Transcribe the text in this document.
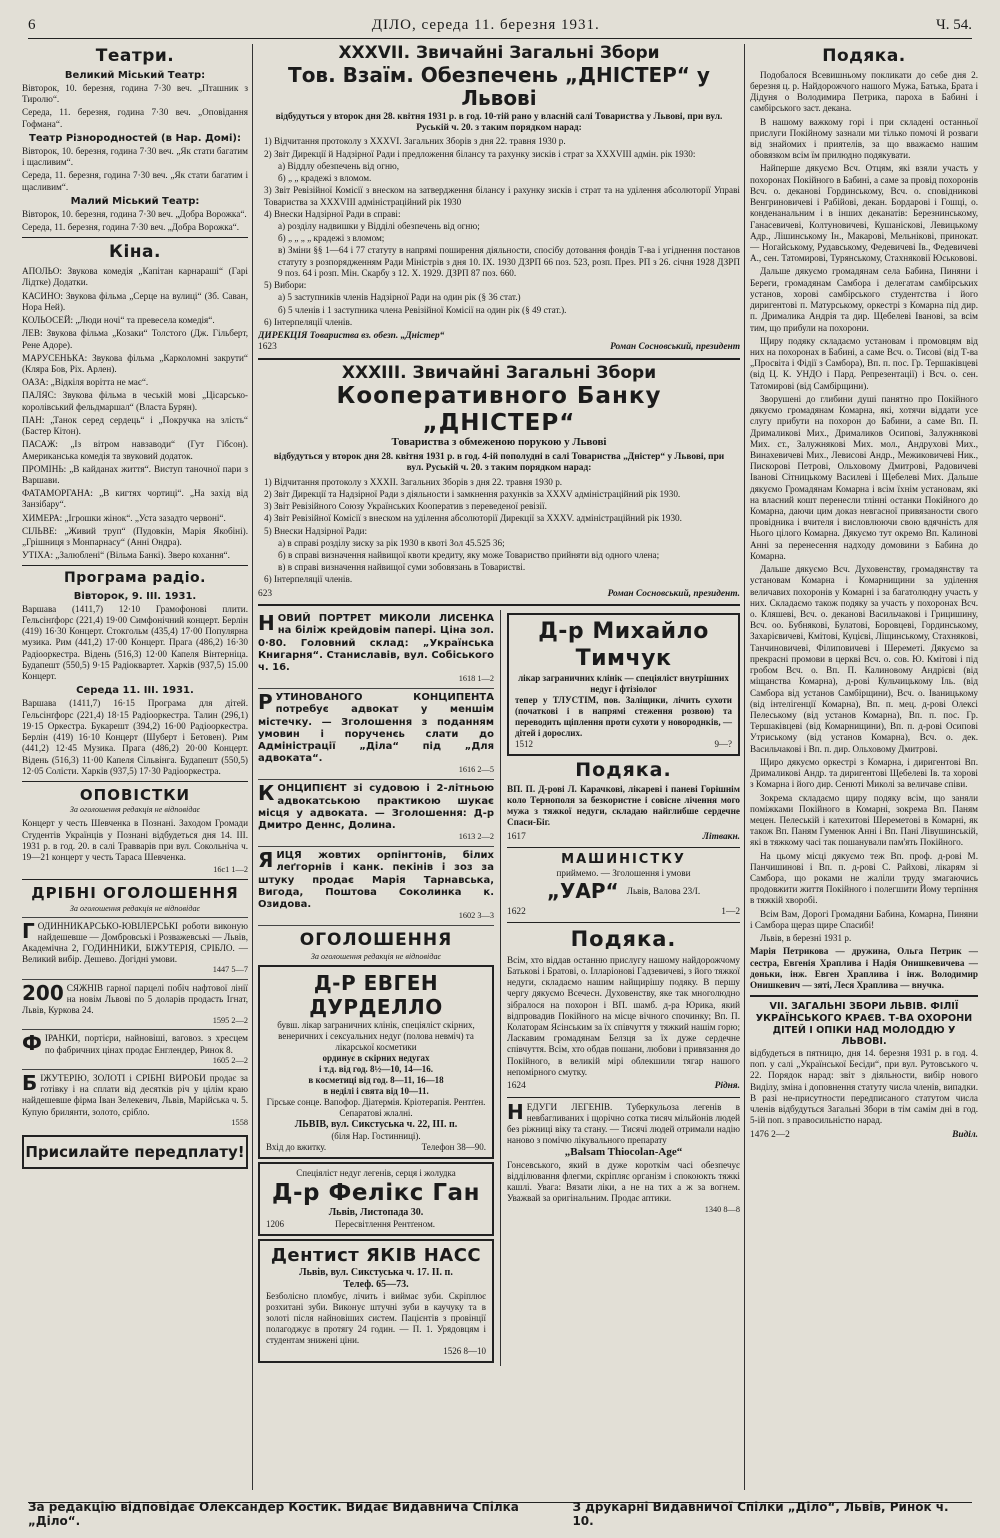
6	ДІЛО, середа 11. березня 1931.	Ч. 54.
Театри.
Великий Міський Театр:
Вівторок, 10. березня, година 7·30 веч. „Пташник з Тиролю“.
Середа, 11. березня, година 7·30 веч. „Оповідання Гофмана“.
Театр Різнородностей (в Нар. Домі):
Вівторок, 10. березня, година 7·30 веч. „Як стати багатим і щасливим“.
Середа, 11. березня, година 7·30 веч. „Як стати багатим і щасливим“.
Малий Міський Театр:
Вівторок, 10. березня, година 7·30 веч. „Добра Ворожка“.
Середа, 11. березня, година 7·30 веч. „Добра Ворожка“.
Кіна.
АПОЛЬО: Звукова комедія „Капітан карнараші“ (Гарі Лідтке) Додатки.
КАСИНО: Звукова фільма „Серце на вулиці“ (Зб. Саван, Нора Ней).
КОЛЬОСЕЙ: „Люди ночі“ та превесела комедія“.
ЛЕВ: Звукова фільма „Козаки“ Толстого (Дж. Гільберт, Рене Адоре).
МАРУСЕНЬКА: Звукова фільма „Карколомні закрути“ (Кляра Бов, Ріх. Арлен).
ОАЗА: „Відкіля ворітта не має“.
ПАЛЯС: Звукова фільма в чеській мові „Цісарсько-королівський фельдмаршал“ (Властa Бурян).
ПАН: „Танок серед сердець“ і „Покручка на злість“ (Бастер Кітон).
ПАСАЖ: „Із вітром навзаводи“ (Гут Гібсон). Американська комедія та звуковий додаток.
ПРОМІНЬ: „В кайданах життя“. Виступ таночної пари з Варшави.
ФАТАМОРГАНА: „В кигтях чортиці“. „На захід від Занзібару“.
ХИМЕРА: „Ігрошки жінок“. „Уста зазадто червоні“.
СІЛЬВЕ: „Живий труп“ (Пудовкін, Марія Якобіні). „Грішниця з Монпарнасу“ (Анні Ондра).
УТІХА: „Залюблені“ (Вільма Банкі). Зверо кохання“.
Програма радіо.
Вівторок, 9. ІІІ. 1931.
Варшава (1411,7) 12·10 Грамофонові плити. Гельсінґфорс (221,4) 19·00 Симфонічний концерт. Берлін (419) 16·30 Концерт. Стокгольм (435,4) 17·00 Популярна музика. Рим (441,2) 17·00 Концерт. Прага (486,2) 16·30 Радіооркестра. Відень (516,3) 12·00 Капеля Вінтерніца. Будапешт (550,5) 9·15 Радіоквартет. Харків (937,5) 15.00 Концерт.
Середа 11. ІІІ. 1931.
Варшава (1411,7) 16·15 Програма для дітей. Гельсінґфорс (221,4) 18·15 Радіооркестра. Талин (296,1) 19·15 Оркестра. Букарешт (394,2) 16·00 Радіооркестра. Берлін (419) 16·10 Концерт (Шуберт і Бетовен). Рим (441,2) 12·45 Музика. Прага (486,2) 20·00 Концерт. Відень (516,3) 11·00 Капеля Сільвінга. Будапешт (550,5) 12·05 Солісти. Харків (937,5) 17·30 Радіооркестра.
ОПОВІСТКИ
За оголошення редакція не відповідає
Концерт у честь Шевченка в Познані. Заходом Громади Студентів Українців у Познані відбудеться дня 14. ІІІ. 1931 р. в год. 20. в салі Травварів при вул. Сокольніча ч. 19—21 концерт у честь Тараса Шевченка.
16с1 1—2
ДРІБНІ ОГОЛОШЕННЯ
За оголошення редакція не відповідає
ГОДИННИКАРСЬКО-ЮВІЛЕРСЬКІ роботи виконую найдешевше — Домбровські і Розважевські — Львів, Академічна 2, ГОДИННИКИ, БІЖУТЕРІЯ, СРІБЛО. — Великий вибір. Дешево. Догідні умови.
1447 5—7
200 СЯЖНІВ гарної парцелі побіч нафтової лінії на новім Львові по 5 доларів продасть Ігнат, Львів, Куркова 24.
1595 2—2
ФІРАНКИ, портієри, найновіші, ваговоз. з хресцем по фабричних цінах продає Енглендер, Ринок 8.
1605 2—2
БІЖУТЕРІЮ, ЗОЛОТІ і СРІБНІ ВИРОБИ продає за готівку і на сплати від десятків річ у цілім краю найдешевше фірма Іван Зелекевич, Львів, Марійська ч. 5. Купую брилянти, золото, срібло.
1558
Присилайте передплату!
XXXVII. Звичайні Загальні Збори
Тов. Взаїм. Обезпечень „ДНІСТЕР“ у Львові
відбудуться у второк дня 28. квітня 1931 р. в год. 10-тій рано у власній салі Товариства у Львові, при вул. Руській ч. 20. з таким порядком нарад:
1) Відчитання протоколу з XXXVI. Загальних Зборів з дня 22. травня 1930 р.
2) Звіт Дирекції й Надзірної Ради і предложення біланcу та рахунку зисків і страт за XXXVIII адмін. рік 1930:
а) Віддлу обезпечень від огню,
б) „ „ крадежі з вломом.
3) Звіт Ревізійної Комісії з внеском на затвердження біланcу і рахунку зисків і страт та на уділення абсолюторії Управі Товариства за XXXVIII адміністраційний рік 1930
4) Внески Надзірної Ради в справі:
а) розділу надвишки у Відділі обезпечень від огню;
б) „ „ „ „ крадежі з вломом;
в) Зміни §§ 1—64 і 77 статуту в напрямі поширення діяльности, спосібу дотовання фондів Т-ва і угіднення постанов статуту з розпорядженням Ради Міністрів з дня 10. ІХ. 1930 ДЗРП 66 поз. 523, розп. През. РП з 26. січня 1928 ДЗРП 9 поз. 64 і розп. Мін. Скарбу з 12. Х. 1929. ДЗРП 87 поз. 660.
5) Вибори:
а) 5 заступників членів Надзірної Ради на один рік (§ 36 стат.)
б) 5 членів і 1 заступника члена Ревізійної Комісії на один рік (§ 49 стат.).
6) Інтерпеляції членів.
ДИРЕКЦІЯ Товариства вз. обезп. „Дністер“
1623	Роман Сосновський, президент
XXXIII. Звичайні Загальні Збори
Кооперативного Банку „ДНІСТЕР“
Товариства з обмеженою порукою у Львові
відбудуться у второк дня 28. квітня 1931 р. в год. 4-ій пополудні в салі Товариства „Дністер“ у Львові, при вул. Руській ч. 20. з таким порядком нарад:
1) Відчитання протоколу з XXXII. Загальних Зборів з дня 22. травня 1930 р.
2) Звіт Дирекції та Надзірної Ради з діяльности і замкнення рахунків за XXXV адміністраційний рік 1930.
3) Звіт Ревізійного Союзу Українських Кооператив з переведеної ревізії.
4) Звіт Ревізійної Комісії з внеском на уділення абсолюторії Дирекції за XXXV. адміністраційний рік 1930.
5) Внески Надзірної Ради:
а) в справі розділу зиску за рік 1930 в квоті Зол 45.525 36;
б) в справі визначення найвищої квоти кредиту, яку може Товариство прийняти від одного члена;
в) в справі визначення найвищої суми зобовязань в Товаристві.
6) Інтерпеляції членів.
623	Роман Сосновський, президент.
НОВИЙ ПОРТРЕТ МИКОЛИ ЛИСЕНКА на біліж крейдовім папері. Ціна зол. 0·80. Головний склад: „Українська Книгарня“. Станиславів, вул. Собіського ч. 16.
1618 1—2
РУТИНОВАНОГО КОНЦИПЕНТА потребує адвокат у меншім містечку. — Зголошення з поданням умовин і порученєь слати до Адміністрації „Діла“ під „Для адвоката“.
1616 2—5
КОНЦИПІЄНТ зі судовою і 2-літньою адвокатською практикою шукає місця у адвоката. — Зголошення: Д-р Дмитро Деннс, Долина.
1613 2—2
ЯИЦЯ жовтих орпінгтонів, білих леґгорнів і канк. пекінів і зоз за штуку продає Марія Тарнавська, Вигода, Поштова Соколинка к. Озидова.
1602 3—3
ОГОЛОШЕННЯ
За оголошення редакція не відповідає
Д-Р ЕВГЕН ДУРДЕЛЛО
бувш. лікар заграничних клінік, спеціяліст скірних, венеричних і сексуальних недуг (полова невміч) та лікарської косметики
ординує в скірних недугах
і т.д. від год. 8½—10, 14—16.
в косметиці від год. 8—11, 16—18
в неділі і свята від 10—11.
Гірське сонце. Вапофор. Діатермія. Кріотерапія. Рентґен. Сепаратові жлалні.
ЛЬВІВ, вул. Сикстуська ч. 22, ІІІ. п.
(біля Нар. Гостинниці).
Вхід до вжитку.	Телефон 38—90.
Спеціяліст недуг легенів, серця і жолудка
Д-р Фелікс Ган
Львів, Листопада 30.
1206	Пересвітлення Рентґеном.
Дентист ЯКІВ НАСС
Львів, вул. Сикстуська ч. 17. ІІ. п.
Телеф. 65—73.
Безболісно пломбує, лічить і виймає зуби. Скріплює розхитані зуби. Виконує штучні зуби в каучуку та в золоті після найновіших систем. Пацієнтів з провінції полагоджує в протягу 24 годин. — П. 1. Урядовцям і студентам знижені ціни.
1526 8—10
Д-р Михайло Тимчук
лікар заграничних клінік — спеціяліст внутрішних недуг і фтізіолог
тепер у ТЛУСТІМ, пов. Заліщики, лічить сухоти (початкові і в напрямі стеження розвою) та переводить щіплення проти сухоти у новороднків, — дітей і дорослих.
1512	9—?
Подяка.
ВП. П. Д-рові Л. Карачкові, лікареві і паневі Горішнім коло Тернополя за безкористне і совісне лічення мого мужа з тяжкої недуги, складаю найглибше сердечне Спаси-Біг.
1617	Літвакн.
МАШИНІСТКУ
приймемо. — Зголошення і умови
„УАР“ Львів, Валова 23/І.
1622	1—2
Подяка.
Всім, хто віддав останню прислугу нашому найдорожчому Батькові і Братові, о. Ілларіонові Гадзевичеві, з його тяжкої недуги, складаємо нашим найщирішу подяку. В першу чергу дякуємо Всечесн. Духовенству, яке так многолюдно зібралося на похорон і ВП. шамб. д-ра Юрика, який відпровадив Покійного на місце вічного спочинку; Вп. П. Колаторам Ясінським за їх співчуття у тяжкий нашім горю; Ласкавим громадянам Белзця за їх дуже сердечне співчуття. Всім, хто обдав пошани, любови і привязання до Покійного, в великій мірі облекшили тягар нашого непомірного смутку.
1624	Рідня.
НЕДУГИ ЛЕГЕНІВ. Туберкульоза легенів в невбагливаних і щорічно сотка тисяч мільйонів людей без ріжниці віку та стану. — Тисячі людей отримали надію наново з помічю лікувального препарату
„Balsam Thiocolan-Age“
Гонсевського, який в дуже короткім часі обезпечує відділювання флегми, скріпляє організм і спокоюкть тяжкі кашлі. Увага: Вязати ліки, а не на тих а ж за вогнем. Уважвай за оригінальним. Продає аптики.
1340 8—8
Подяка.
Подобалося Всевишньому покликати до себе дня 2. березня ц. р. Найдорожчого нашого Мужа, Батька, Брата і Дідуня о Володимира Петрика, пароха в Бабині і самбірського заст. декана.
В нашому важкому горі і при складені останньої прислуги Покійному зазнали ми тілько помочі й розваги від знайомих і приятелів, за що вважаємо нашим обовязком всім їм прилюдно подякувати.
Найперше дякуємо Всч. Отцям, які взяли участь у похоронах Покійного в Бабині, а саме за провід похоронів Всч. о. деканові Гординському, Всч. о. сповідникові Венгриновичеві і Рабійові, декан. Бордарові і Гошці, о. конденанальним і в інших деканатів: Березнинському, Ганасевичеві, Колтуновичеві, Кушаніскові, Левицькому Адр., Лішинському Ін., Макарові, Мельнікові, принокат. — Ногайському, Рудавському, Федевичеві Ів., Федевичеві А., сен. Татомирові, Турянському, Стахняковії Юськовові.
Дальше дякуємо громадянам села Бабина, Пиняни і Береги, громадянам Самбора і делегатам самбірських установ, хорові самбірського студентства і його диригентові п. Матурському, оркестрі з Комарна під дир. п. Дрималика Андрія та дир. Щебелеві Іванові, за всім тим, що прибули на похорони.
Щиру подяку складаємо установам і промовцям від них на похоронах в Бабині, а саме Всч. о. Тисові (від Т-ва „Просвіта і Фідії з Самбора), Вп. п. пос. Гр. Тершаківцеві (від Ц. К. УНДО і Пард. Репрезентації) і Всч. о. сен. Татомирові (від Самбірщини).
Зворушені до глибини душі панятно про Покійного дякуємо громадянам Комарна, які, хотячи віддати усе слугу прибути на похорон до Бабини, а саме Вп. П. Дрималикові Мих., Дрималиков Осипові, Залужнякові Мих. ст., Залужнякові Мих. мол., Андрухові Мих., Винахевичеві Мих., Левисові Андр., Межиковичеві Ник., Пискоровi Петрові, Ольховому Дмитрові, Радовичеві Іванові Сітницькому Василеві і Щебелеві Мих. Дальше дякуємо Громадянам Комарна і всім їхнім установам, які на власний кошт перенесли тлінні останки Покійного до Комарна, даючи цим доказ невгасної привязаности свого провідника і вчителя і висловлюючи свою вдячність для Нього цілого Комарна. Дякуємо тут окремо Вп. Калинові Анні за перенесення надходу домовини з Бабина до Комарна.
Дальше дякуємо Всч. Духовенству, громадянству та установам Комарна і Комарнищини за уділення величавих похоронів у Комарні і за багатолюдну участь у них. Складаємо також подяку за участь у похоронах Всч. о. Кляшеві, Всч. о. деканові Васильчакові і Грицишину, Всч. оо. Бубнякові, Булатові, Боровцеві, Гординському, Захарієвичеві, Кмітові, Куцієві, Ліщинському, Стахнякові, Танчиновичеві, Філиповичеві і Шереметі. Дякуємо за прекрасні промови в церкві Всч. о. сов. Ю. Кмітові і під гробом Всч. о. Вп. П. Калиновому Андрієві (від міщанства Комарна), д-рові Кульчицькому Іль. (від Самбора від установ Самбірщини), Всч. о. Іваницькому (від інтелігенції Комарна), Вп. п. мец. д-рові Олексі Пелеському (від установ Комарна), Вп. п. пос. Гр. Тершаківцеві (від Комарнищини), Вп. п. д-рові Осипові Утриському (від установ Комарна), Всч. о. дек. Васильчакові і Вп. п. дир. Ольховому Дмитрові.
Щиро дякуємо оркестрі з Комарна, і диригентові Вп. Дрималикові Андр. та диригентові Щебелеві Ів. та хорові з Комарна і його дир. Сенюті Миколі за величаве співи.
Зокрема складаємо щиру подяку всім, що заняли поміжками Покійного в Комарні, зокрема Вп. Паням мецен. Пелеській і катехитові Шереметові в Комарні, як також Вп. Паням Гуменюк Анні і Вп. Пані Лівушинській, які в тяжкому часі так пошанували пам'ять Покійного.
На цьому місці дякуємо теж Вп. проф. д-рові М. Панчишинові і Вп. п. д-рові С. Райхові, лікарям зі Самбора, що роками не жаліли труду змагаючись продовжити життя Покійного і полегшити Йому терпіння в тяжкій хворобі.
Всім Вам, Дорогі Громадяни Бабина, Комарна, Пиняни і Самбора щераз щире Спасибі!
Львів, в березні 1931 р.
Марія Петрикова — дружина, Ольга Петрик — сестра, Евгенія Храплива і Надія Онишкевичева — доньки, інж. Евген Храплива і інж. Володимир Онишкевич — зяті, Леся Храплива — внучка.
VII. ЗАГАЛЬНІ ЗБОРИ ЛЬВІВ. ФІЛІЇ УКРАЇНСЬКОГО КРАЄВ. Т-ВА ОХОРОНИ ДІТЕЙ І ОПІКИ НАД МОЛОДДЮ У ЛЬВОВІ.
відбудеться в пятницю, дня 14. березня 1931 р. в год. 4. поп. у салі „Української Бесіди“, при вул. Рутовського ч. 22. Порядок нарад: звіт з діяльности, вибір нового Виділу, зміна і доповнення статуту числа членів, випадки. В разі не-присутности передписаного статутом числа членів відбудуться Загальні Збори в тім самім дні в год. 5-ій поп. з правосильністю нарад.
1476 2—2	Виділ.
За редакцію відповідає Олександер Костик. Видає Видавнича Спілка „Діло“.
З друкарні Видавничої Спілки „Діло“, Львів, Ринок ч. 10.
